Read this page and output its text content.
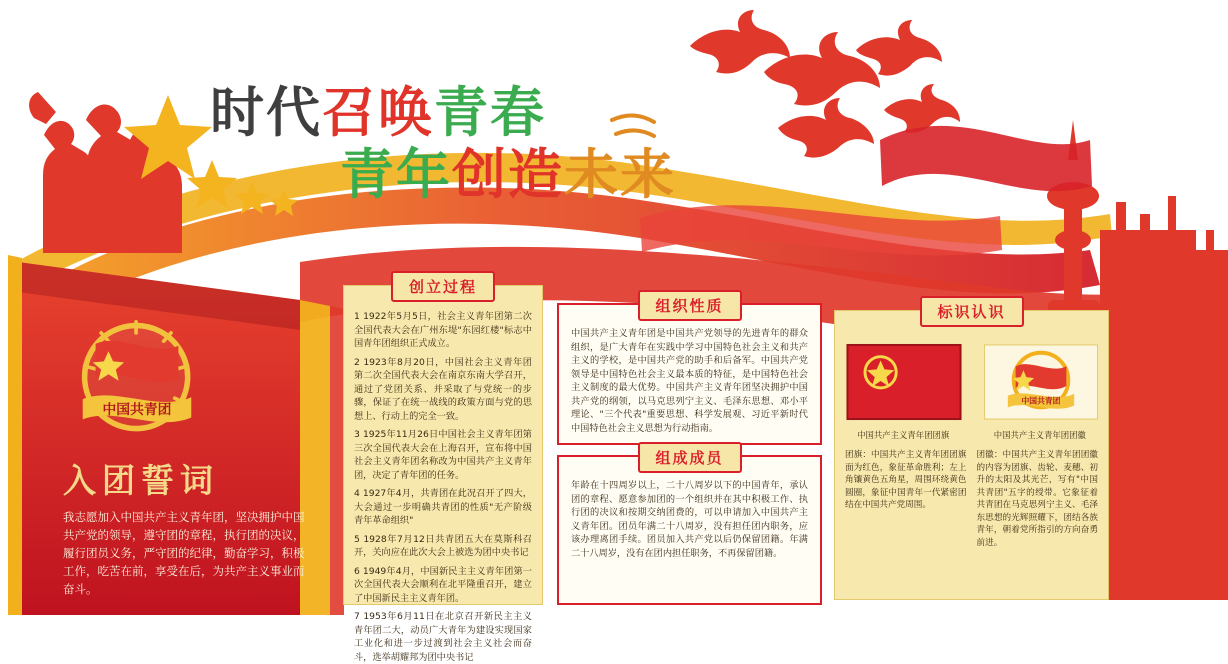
中国共青团
时代召唤青春
青年创造未来
入团誓词
我志愿加入中国共产主义青年团，坚决拥护中国共产党的领导，遵守团的章程，执行团的决议，履行团员义务，严守团的纪律，勤奋学习，积极工作，吃苦在前，享受在后，为共产主义事业而奋斗。
创立过程

1 1922年5月5日，社会主义青年团第二次全国代表大会在广州东堤"东园红楼"标志中国青年团组织正式成立。

2 1923年8月20日，中国社会主义青年团第二次全国代表大会在南京东南大学召开，通过了党团关系、并采取了与党统一的步骤，保证了在统一战线的政策方面与党的思想上、行动上的完全一致。

3 1925年11月26日中国社会主义青年团第三次全国代表大会在上海召开，宣布将中国社会主义青年团名称改为中国共产主义青年团，决定了青年团的任务。

4 1927年4月，共青团在此况召开了四大，大会通过一步明确共青团的性质"无产阶级青年革命组织"

5 1928年7月12日共青团五大在莫斯科召开，关向应在此次大会上被选为团中央书记

6 1949年4月，中国新民主主义青年团第一次全国代表大会顺利在北平隆重召开，建立了中国新民主主义青年团。

7 1953年6月11日在北京召开新民主主义青年团二大，动员广大青年为建设实现国家工业化和进一步过渡到社会主义社会而奋斗，选举胡耀邦为团中央书记

组织性质
中国共产主义青年团是中国共产党领导的先进青年的群众组织，是广大青年在实践中学习中国特色社会主义和共产主义的学校，是中国共产党的助手和后备军。中国共产党领导是中国特色社会主义最本质的特征，是中国特色社会主义制度的最大优势。中国共产主义青年团坚决拥护中国共产党的纲领，以马克思列宁主义、毛泽东思想、邓小平理论、"三个代表"重要思想、科学发展观、习近平新时代中国特色社会主义思想为行动指南。
组成成员
年龄在十四周岁以上，二十八周岁以下的中国青年，承认团的章程、愿意参加团的一个组织并在其中积极工作、执行团的决议和按期交纳团费的，可以申请加入中国共产主义青年团。团员年满二十八周岁，没有担任团内职务，应该办理离团手续。团员加入共产党以后仍保留团籍。年满二十八周岁，没有在团内担任职务，不再保留团籍。
标识认识
中国共产主义青年团团旗
中国共青团
中国共产主义青年团团徽
团旗：中国共产主义青年团团旗面为红色，象征革命胜利；左上角镶黄色五角星，周围环绕黄色圆圈，象征中国青年一代紧密团结在中国共产党周围。
团徽：中国共产主义青年团团徽的内容为团旗、齿轮、麦穗、初升的太阳及其光芒，写有"中国共青团"五字的绶带。它象征着共青团在马克思列宁主义、毛泽东思想的光辉照耀下，团结各族青年，朝着党所指引的方向奋勇前进。
